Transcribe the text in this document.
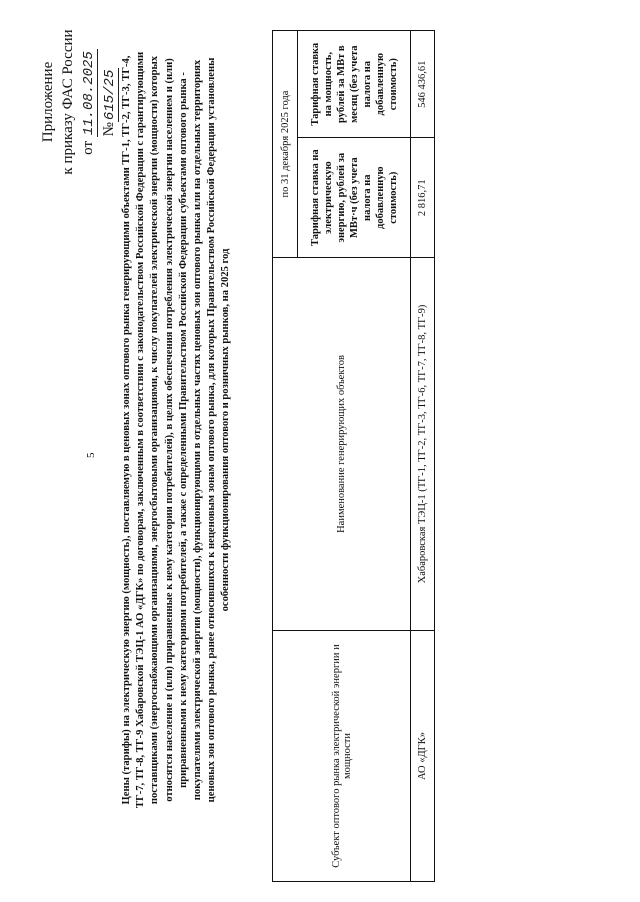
5
Приложение к приказу ФАС России от 11.08.2025 №615/25 Цены (тарифы) на электрическую энергию (мощность), поставляемую в ценовых зонах оптового рынка генерирующими объектами ТГ-1, ТГ-2, ТГ-3, ТГ-4, ТГ-7, ТГ-8, ТГ-9 Хабаровской ТЭЦ-1 АО «ДГК» по договорам, заключенным в соответствии с законодательством Российской Федерации с гарантирующими поставщиками (энергоснабжающими организациями, энергосбытовыми организациями, к числу покупателей электрической энергии (мощности) которых относятся население и (или) приравненные к нему категории потребителей), в целях обеспечения потребления электрической энергии населением и (или) приравненными к нему категориями потребителей, а также с определенными Правительством Российской Федерации субъектами оптового рынка - покупателями электрической энергии (мощности), функционирующими в отдельных частях ценовых зон оптового рынка или на отдельных территориях ценовых зон оптового рынка, ранее относившихся к неценовым зонам оптового рынка, для которых Правительством Российской Федерации установлены особенности функционирования оптового и розничных рынков, на 2025 год
Субъект оптового рынка электрической энергии и мощности	Наименование генерирующих объектов	по 31 декабря 2025 года	
		Тарифная ставка на электрическую энергию, рублей за МВт·ч (без учета налога на добавленную стоимость)	Тарифная ставка на мощность, рублей за МВт в месяц (без учета налога на добавленную стоимость)
АО «ДГК»	Хабаровская ТЭЦ-1 (ТГ-1, ТГ-2, ТГ-3, ТГ-6, ТГ-7, ТГ-8, ТГ-9)	2 816,71	546 436,61
